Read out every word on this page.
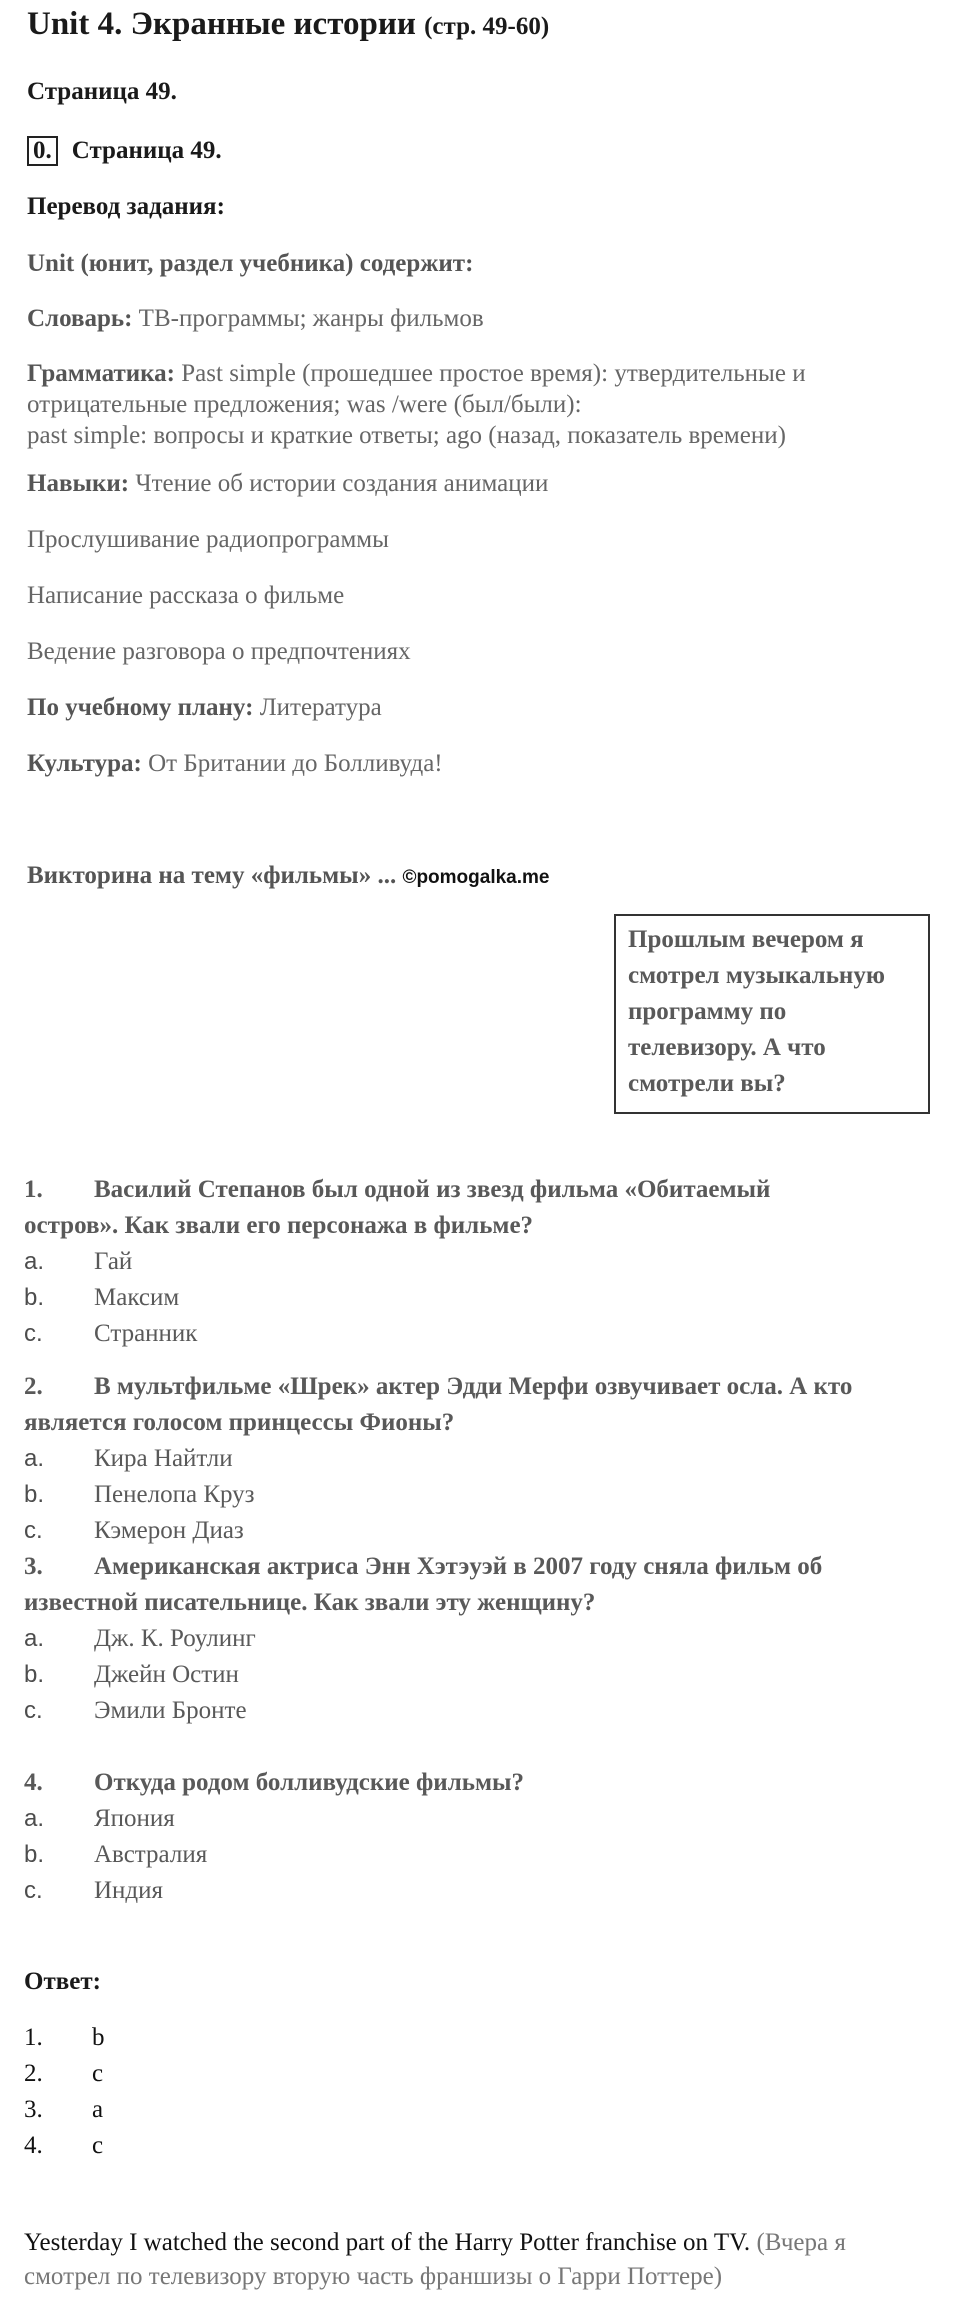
Unit 4. Экранные истории (стр. 49-60)
Страница 49.
0. Страница 49.
Перевод задания:
Unit (юнит, раздел учебника) содержит:
Словарь: ТВ-программы; жанры фильмов
Грамматика: Past simple (прошедшее простое время): утвердительные и
отрицательные предложения; was /were (был/были):
past simple: вопросы и краткие ответы; ago (назад, показатель времени)
Навыки: Чтение об истории создания анимации
Прослушивание радиопрограммы
Написание рассказа о фильме
Ведение разговора о предпочтениях
По учебному плану: Литература
Культура: От Британии до Болливуда!
Викторина на тему «фильмы» ... ©pomogalka.me
Прошлым вечером я смотрел музыкальную программу по телевизору. А что смотрели вы?
1. Василий Степанов был одной из звезд фильма «Обитаемый
остров». Как звали его персонажа в фильме?
a. Гай
b. Максим
c. Странник
2. В мультфильме «Шрек» актер Эдди Мерфи озвучивает осла. А кто
является голосом принцессы Фионы?
a. Кира Найтли
b. Пенелопа Круз
c. Кэмерон Диаз
3. Американская актриса Энн Хэтэуэй в 2007 году сняла фильм об
известной писательнице. Как звали эту женщину?
a. Дж. К. Роулинг
b. Джейн Остин
c. Эмили Бронте
4. Откуда родом болливудские фильмы?
a. Япония
b. Австралия
c. Индия
Ответ:
1. b
2. c
3. a
4. c
Yesterday I watched the second part of the Harry Potter franchise on TV. (Вчера я
смотрел по телевизору вторую часть франшизы о Гарри Поттере)
